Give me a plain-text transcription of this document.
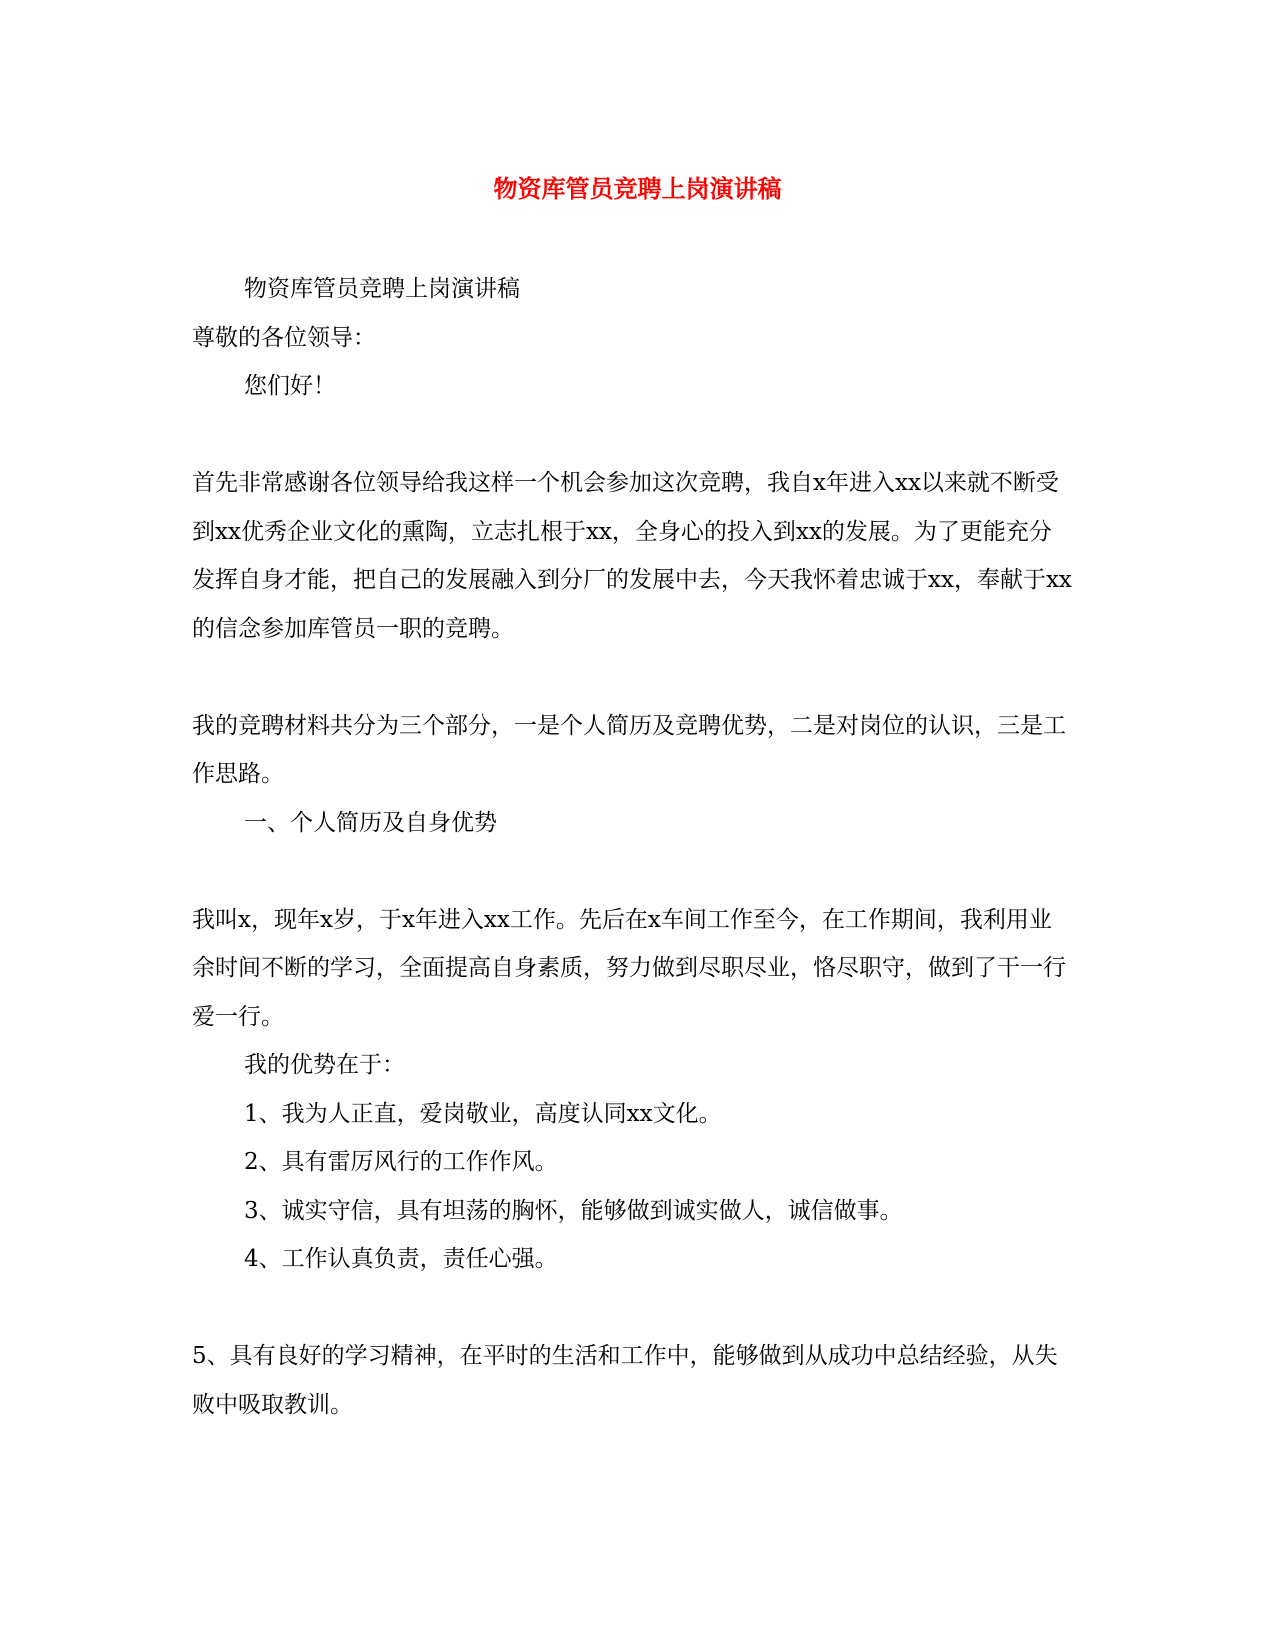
物资库管员竞聘上岗演讲稿

物资库管员竞聘上岗演讲稿

尊敬的各位领导：

您们好！

首先非常感谢各位领导给我这样一个机会参加这次竞聘，我自x年进入xx以来就不断受到xx优秀企业文化的熏陶，立志扎根于xx，全身心的投入到xx的发展。为了更能充分发挥自身才能，把自己的发展融入到分厂的发展中去，今天我怀着忠诚于xx，奉献于xx的信念参加库管员一职的竞聘。

我的竞聘材料共分为三个部分，一是个人简历及竞聘优势，二是对岗位的认识，三是工作思路。

一、个人简历及自身优势

我叫x，现年x岁，于x年进入xx工作。先后在x车间工作至今，在工作期间，我利用业余时间不断的学习，全面提高自身素质，努力做到尽职尽业，恪尽职守，做到了干一行爱一行。

我的优势在于：

1、我为人正直，爱岗敬业，高度认同xx文化。

2、具有雷厉风行的工作作风。

3、诚实守信，具有坦荡的胸怀，能够做到诚实做人，诚信做事。

4、工作认真负责，责任心强。

5、具有良好的学习精神，在平时的生活和工作中，能够做到从成功中总结经验，从失败中吸取教训。
